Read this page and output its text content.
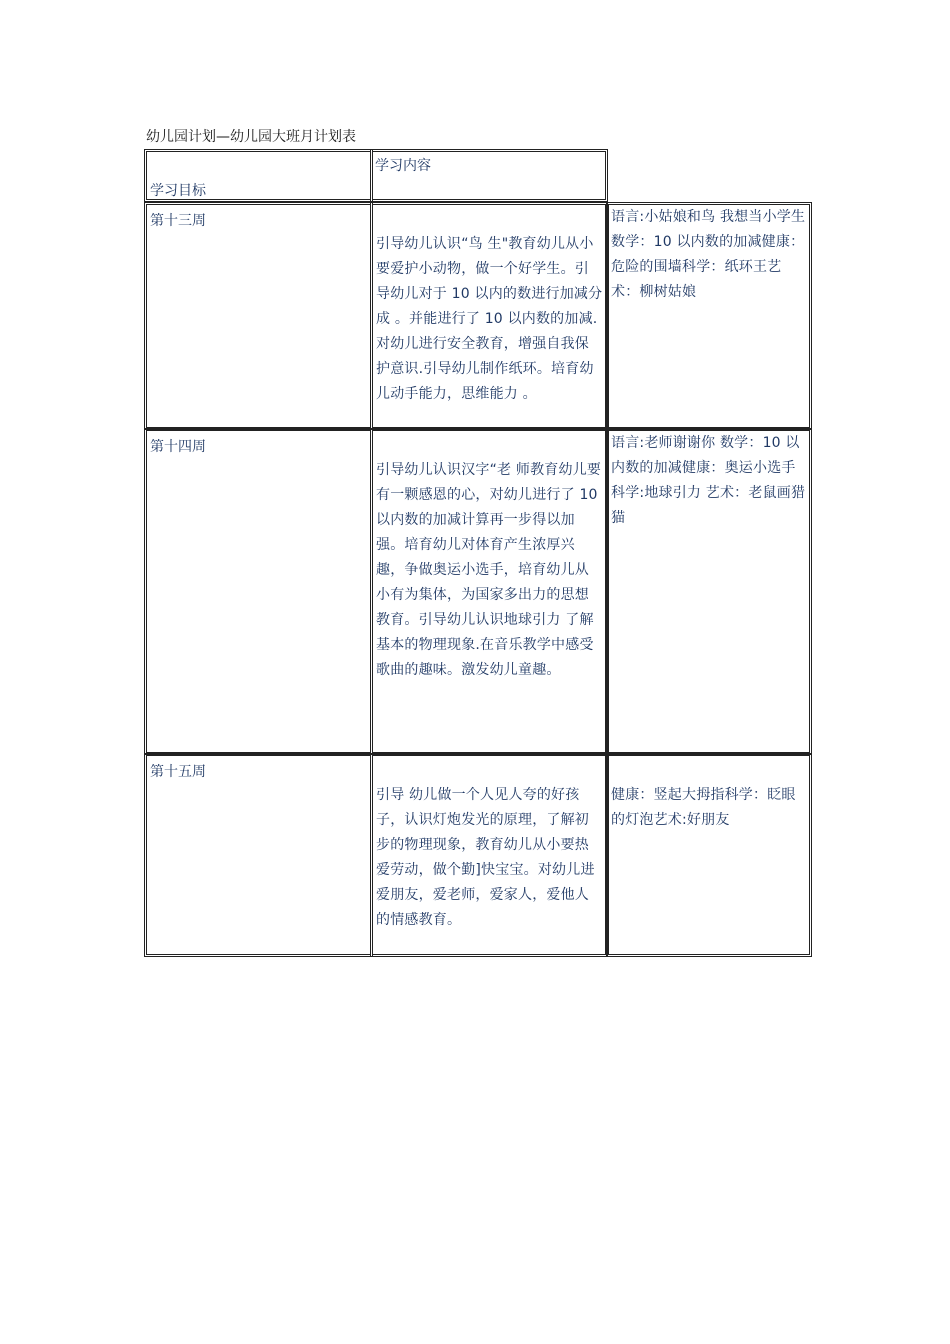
幼儿园计划—幼儿园大班月计划表
学习目标
学习内容
第十三周
引导幼儿认识“鸟 生"教育幼儿从小要爱护小动物，做一个好学生。引导幼儿对于 10 以内的数进行加减分成 。并能进行了 10 以内数的加减.对幼儿进行安全教育，增强自我保护意识.引导幼儿制作纸环。培育幼儿动手能力，思维能力 。
语言:小姑娘和鸟 我想当小学生数学：10 以内数的加减健康：危险的围墙科学：纸环王艺术：柳树姑娘
第十四周
引导幼儿认识汉字“老 师教育幼儿要有一颗感恩的心，对幼儿进行了 10 以内数的加减计算再一步得以加强。培育幼儿对体育产生浓厚兴趣，争做奥运小选手，培育幼儿从小有为集体，为国家多出力的思想教育。引导幼儿认识地球引力 了解基本的物理现象.在音乐教学中感受歌曲的趣味。激发幼儿童趣。
语言:老师谢谢你 数学：10 以内数的加减健康：奥运小选手科学:地球引力 艺术：老鼠画猎猫
第十五周
引导 幼儿做一个人见人夸的好孩子，认识灯炮发光的原理，了解初步的物理现象，教育幼儿从小要热爱劳动，做个勤]快宝宝。对幼儿进爱朋友，爱老师，爱家人，爱他人的情感教育。
健康：竖起大拇指科学：眨眼的灯泡艺术:好朋友
